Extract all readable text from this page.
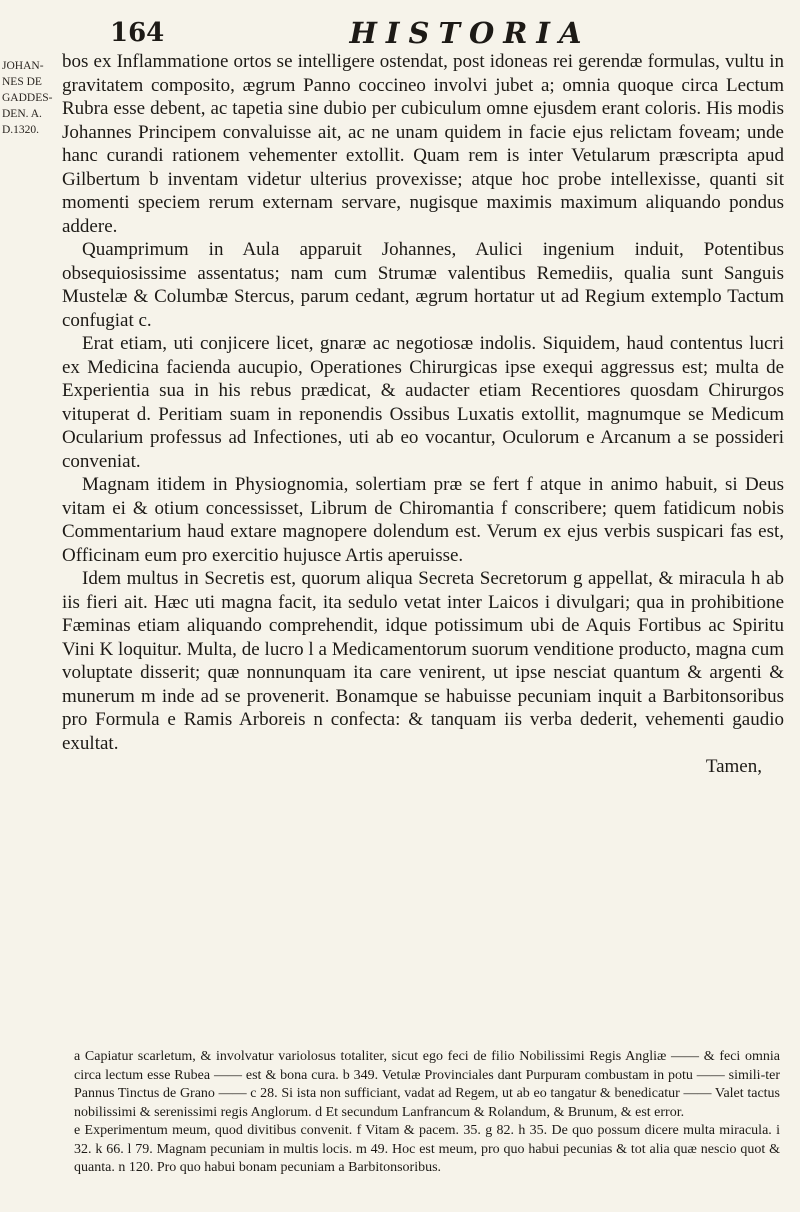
164	HISTORIA
JOHAN-
NES DE
GADDES-
DEN. A.
D.1320.

bos ex Inflammatione ortos se intelligere ostendat, post idoneas rei gerendæ formulas, vultu in gravitatem composito, ægrum Panno coccineo involvi jubet a; omnia quoque circa Lectum Rubra esse debent, ac tapetia sine dubio per cubiculum omne ejusdem erant coloris. His modis Johannes Principem convaluisse ait, ac ne unam quidem in facie ejus relictam foveam; unde hanc curandi rationem vehementer extollit. Quam rem is inter Vetularum præscripta apud Gilbertum b inventam videtur ulterius provexisse; atque hoc probe intellexisse, quanti sit momenti speciem rerum externam servare, nugisque maximis maximum aliquando pondus addere.

Quamprimum in Aula apparuit Johannes, Aulici ingenium induit, Potentibus obsequiosissime assentatus; nam cum Strumæ valentibus Remediis, qualia sunt Sanguis Mustelæ & Columbæ Stercus, parum cedant, ægrum hortatur ut ad Regium extemplo Tactum confugiat c.

Erat etiam, uti conjicere licet, gnaræ ac negotiosæ indolis. Siquidem, haud contentus lucri ex Medicina facienda aucupio, Operationes Chirurgicas ipse exequi aggressus est; multa de Experientia sua in his rebus prædicat, & audacter etiam Recentiores quosdam Chirurgos vituperat d. Peritiam suam in reponendis Ossibus Luxatis extollit, magnumque se Medicum Ocularium professus ad Infectiones, uti ab eo vocantur, Oculorum e Arcanum a se possideri conveniat.

Magnam itidem in Physiognomia, solertiam præ se fert f atque in animo habuit, si Deus vitam ei & otium concessisset, Librum de Chiromantia f conscribere; quem fatidicum nobis Commentarium haud extare magnopere dolendum est. Verum ex ejus verbis suspicari fas est, Officinam eum pro exercitio hujusce Artis aperuisse.

Idem multus in Secretis est, quorum aliqua Secreta Secretorum g appellat, & miracula h ab iis fieri ait. Hæc uti magna facit, ita sedulo vetat inter Laicos i divulgari; qua in prohibitione Fæminas etiam aliquando comprehendit, idque potissimum ubi de Aquis Fortibus ac Spiritu Vini K loquitur. Multa, de lucro l a Medicamentorum suorum venditione producto, magna cum voluptate disserit; quæ nonnunquam ita care venirent, ut ipse nesciat quantum & argenti & munerum m inde ad se provenerit. Bonamque se habuisse pecuniam inquit a Barbitonsoribus pro Formula e Ramis Arboreis n confecta: & tanquam iis verba dederit, vehementi gaudio exultat.

Tamen,

a Capiatur scarletum, & involvatur variolosus totaliter, sicut ego feci de filio Nobilissimi Regis Angliæ —— & feci omnia circa lectum esse Rubea —— est & bona cura. b 349. Vetulæ Provinciales dant Purpuram combustam in potu —— simili-ter Pannus Tinctus de Grano —— c 28. Si ista non sufficiant, vadat ad Regem, ut ab eo tangatur & benedicatur —— Valet tactus nobilissimi & serenissimi regis Anglorum. d Et secundum Lanfrancum & Rolandum, & Brunum, & est error.

e Experimentum meum, quod divitibus convenit. f Vitam & pacem. 35. g 82. h 35. De quo possum dicere multa miracula. i 32. k 66. l 79. Magnam pecuniam in multis locis. m 49. Hoc est meum, pro quo habui pecunias & tot alia quæ nescio quot & quanta. n 120. Pro quo habui bonam pecuniam a Barbitonsoribus.
